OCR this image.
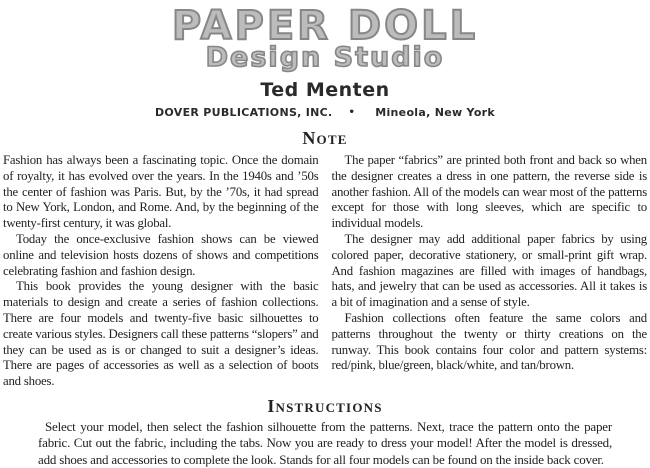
PAPER DOLL
Design Studio
Ted Menten
DOVER PUBLICATIONS, INC. • Mineola, New York
Note

Fashion has always been a fascinating topic. Once the domain of royalty, it has evolved over the years. In the 1940s and ’50s the center of fashion was Paris. But, by the ’70s, it had spread to New York, London, and Rome. And, by the beginning of the twenty-first century, it was global.

Today the once-exclusive fashion shows can be viewed online and television hosts dozens of shows and competitions celebrating fashion and fashion design.

This book provides the young designer with the basic materials to design and create a series of fashion collections. There are four models and twenty-five basic silhouettes to create various styles. Designers call these patterns “slopers” and they can be used as is or changed to suit a designer’s ideas. There are pages of accessories as well as a selection of boots and shoes.

The paper “fabrics” are printed both front and back so when the designer creates a dress in one pattern, the reverse side is another fashion. All of the models can wear most of the patterns except for those with long sleeves, which are specific to individual models.

The designer may add additional paper fabrics by using colored paper, decorative stationery, or small-print gift wrap. And fashion magazines are filled with images of handbags, hats, and jewelry that can be used as accessories. All it takes is a bit of imagination and a sense of style.

Fashion collections often feature the same colors and patterns throughout the twenty or thirty creations on the runway. This book contains four color and pattern systems: red/pink, blue/green, black/white, and tan/brown.

Instructions

Select your model, then select the fashion silhouette from the patterns. Next, trace the pattern onto the paper fabric. Cut out the fabric, including the tabs. Now you are ready to dress your model! After the model is dressed, add shoes and accessories to complete the look. Stands for all four models can be found on the inside back cover.
